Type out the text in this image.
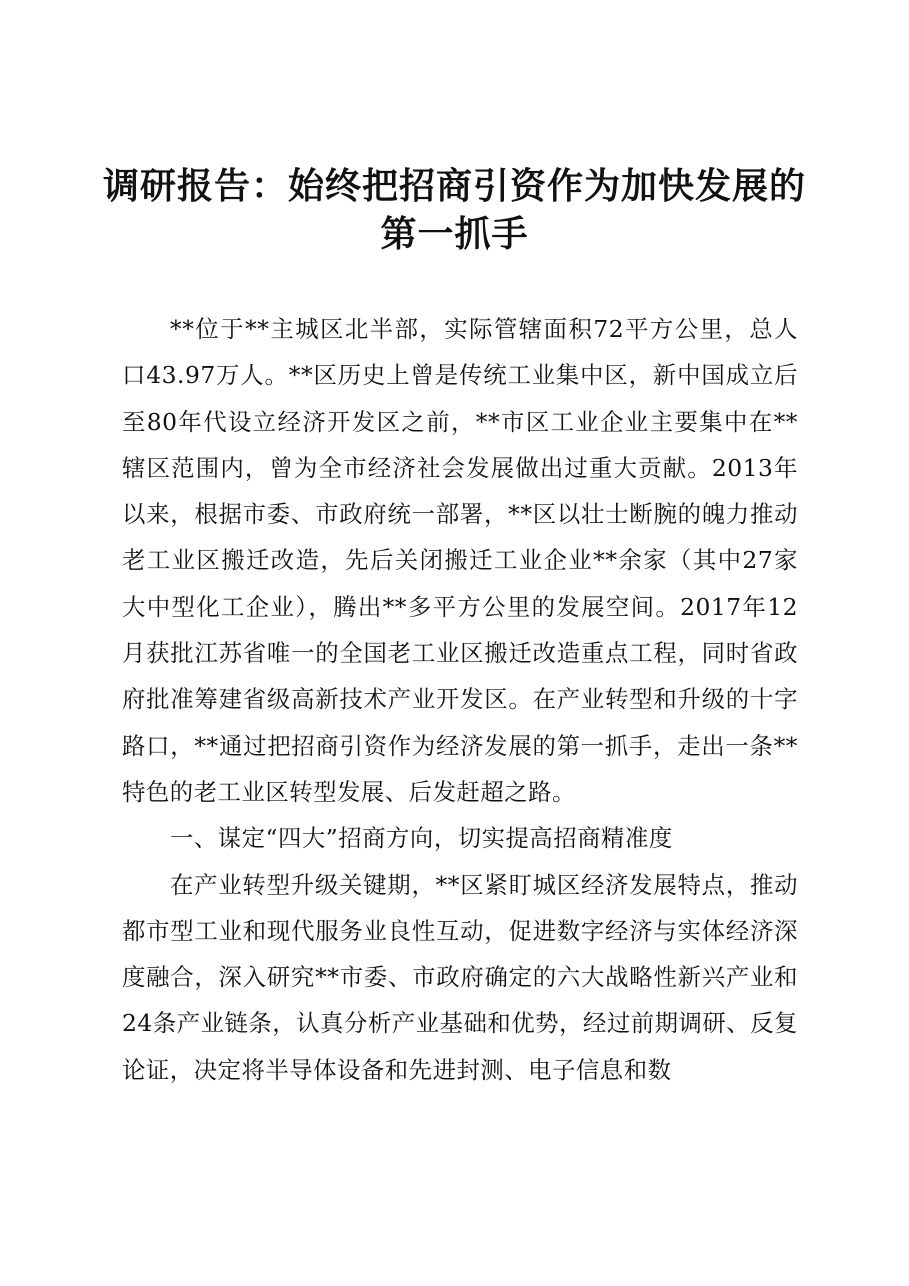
调研报告：始终把招商引资作为加快发展的
第一抓手

**位于**主城区北半部，实际管辖面积72平方公里，总人口43.97万人。**区历史上曾是传统工业集中区，新中国成立后至80年代设立经济开发区之前，**市区工业企业主要集中在**辖区范围内，曾为全市经济社会发展做出过重大贡献。2013年以来，根据市委、市政府统一部署，**区以壮士断腕的魄力推动老工业区搬迁改造，先后关闭搬迁工业企业**余家（其中27家大中型化工企业），腾出**多平方公里的发展空间。2017年12月获批江苏省唯一的全国老工业区搬迁改造重点工程，同时省政府批准筹建省级高新技术产业开发区。在产业转型和升级的十字路口，**通过把招商引资作为经济发展的第一抓手，走出一条**特色的老工业区转型发展、后发赶超之路。

一、谋定“四大”招商方向，切实提高招商精准度

在产业转型升级关键期，**区紧盯城区经济发展特点，推动都市型工业和现代服务业良性互动，促进数字经济与实体经济深度融合，深入研究**市委、市政府确定的六大战略性新兴产业和24条产业链条，认真分析产业基础和优势，经过前期调研、反复论证，决定将半导体设备和先进封测、电子信息和数
